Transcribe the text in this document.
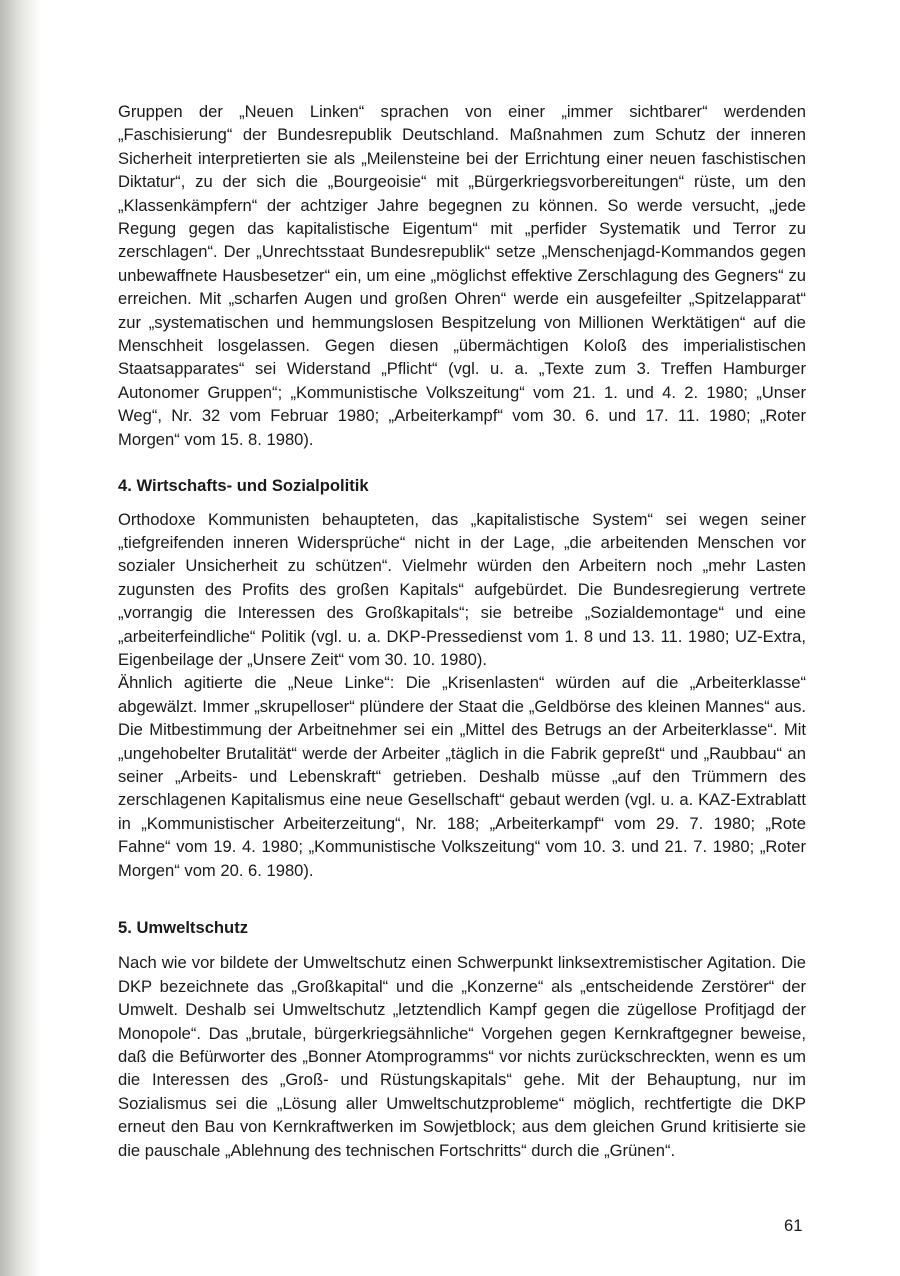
Gruppen der „Neuen Linken“ sprachen von einer „immer sichtbarer“ werdenden „Faschisierung“ der Bundesrepublik Deutschland. Maßnahmen zum Schutz der inneren Sicherheit interpretierten sie als „Meilensteine bei der Errichtung einer neuen faschistischen Diktatur“, zu der sich die „Bourgeoisie“ mit „Bürgerkriegsvorbereitungen“ rüste, um den „Klassenkämpfern“ der achtziger Jahre begegnen zu können. So werde versucht, „jede Regung gegen das kapitalistische Eigentum“ mit „perfider Systematik und Terror zu zerschlagen“. Der „Unrechtsstaat Bundesrepublik“ setze „Menschenjagd-Kommandos gegen unbewaffnete Hausbesetzer“ ein, um eine „möglichst effektive Zerschlagung des Gegners“ zu erreichen. Mit „scharfen Augen und großen Ohren“ werde ein ausgefeilter „Spitzelapparat“ zur „systematischen und hemmungslosen Bespitzelung von Millionen Werktätigen“ auf die Menschheit losgelassen. Gegen diesen „übermächtigen Koloß des imperialistischen Staatsapparates“ sei Widerstand „Pflicht“ (vgl. u. a. „Texte zum 3. Treffen Hamburger Autonomer Gruppen“; „Kommunistische Volkszeitung“ vom 21. 1. und 4. 2. 1980; „Unser Weg“, Nr. 32 vom Februar 1980; „Arbeiterkampf“ vom 30. 6. und 17. 11. 1980; „Roter Morgen“ vom 15. 8. 1980).

4. Wirtschafts- und Sozialpolitik

Orthodoxe Kommunisten behaupteten, das „kapitalistische System“ sei wegen seiner „tiefgreifenden inneren Widersprüche“ nicht in der Lage, „die arbeitenden Menschen vor sozialer Unsicherheit zu schützen“. Vielmehr würden den Arbeitern noch „mehr Lasten zugunsten des Profits des großen Kapitals“ aufgebürdet. Die Bundesregierung vertrete „vorrangig die Interessen des Großkapitals“; sie betreibe „Sozialdemontage“ und eine „arbeiterfeindliche“ Politik (vgl. u. a. DKP-Pressedienst vom 1. 8 und 13. 11. 1980; UZ-Extra, Eigenbeilage der „Unsere Zeit“ vom 30. 10. 1980).

Ähnlich agitierte die „Neue Linke“: Die „Krisenlasten“ würden auf die „Arbeiterklasse“ abgewälzt. Immer „skrupelloser“ plündere der Staat die „Geldbörse des kleinen Mannes“ aus. Die Mitbestimmung der Arbeitnehmer sei ein „Mittel des Betrugs an der Arbeiterklasse“. Mit „ungehobelter Brutalität“ werde der Arbeiter „täglich in die Fabrik gepreßt“ und „Raubbau“ an seiner „Arbeits- und Lebenskraft“ getrieben. Deshalb müsse „auf den Trümmern des zerschlagenen Kapitalismus eine neue Gesellschaft“ gebaut werden (vgl. u. a. KAZ-Extrablatt in „Kommunistischer Arbeiterzeitung“, Nr. 188; „Arbeiterkampf“ vom 29. 7. 1980; „Rote Fahne“ vom 19. 4. 1980; „Kommunistische Volkszeitung“ vom 10. 3. und 21. 7. 1980; „Roter Morgen“ vom 20. 6. 1980).

5. Umweltschutz

Nach wie vor bildete der Umweltschutz einen Schwerpunkt linksextremistischer Agitation. Die DKP bezeichnete das „Großkapital“ und die „Konzerne“ als „entscheidende Zerstörer“ der Umwelt. Deshalb sei Umweltschutz „letztendlich Kampf gegen die zügellose Profitjagd der Monopole“. Das „brutale, bürgerkriegsähnliche“ Vorgehen gegen Kernkraftgegner beweise, daß die Befürworter des „Bonner Atomprogramms“ vor nichts zurückschreckten, wenn es um die Interessen des „Groß- und Rüstungskapitals“ gehe. Mit der Behauptung, nur im Sozialismus sei die „Lösung aller Umweltschutzprobleme“ möglich, rechtfertigte die DKP erneut den Bau von Kernkraftwerken im Sowjetblock; aus dem gleichen Grund kritisierte sie die pauschale „Ablehnung des technischen Fortschritts“ durch die „Grünen“.

61
